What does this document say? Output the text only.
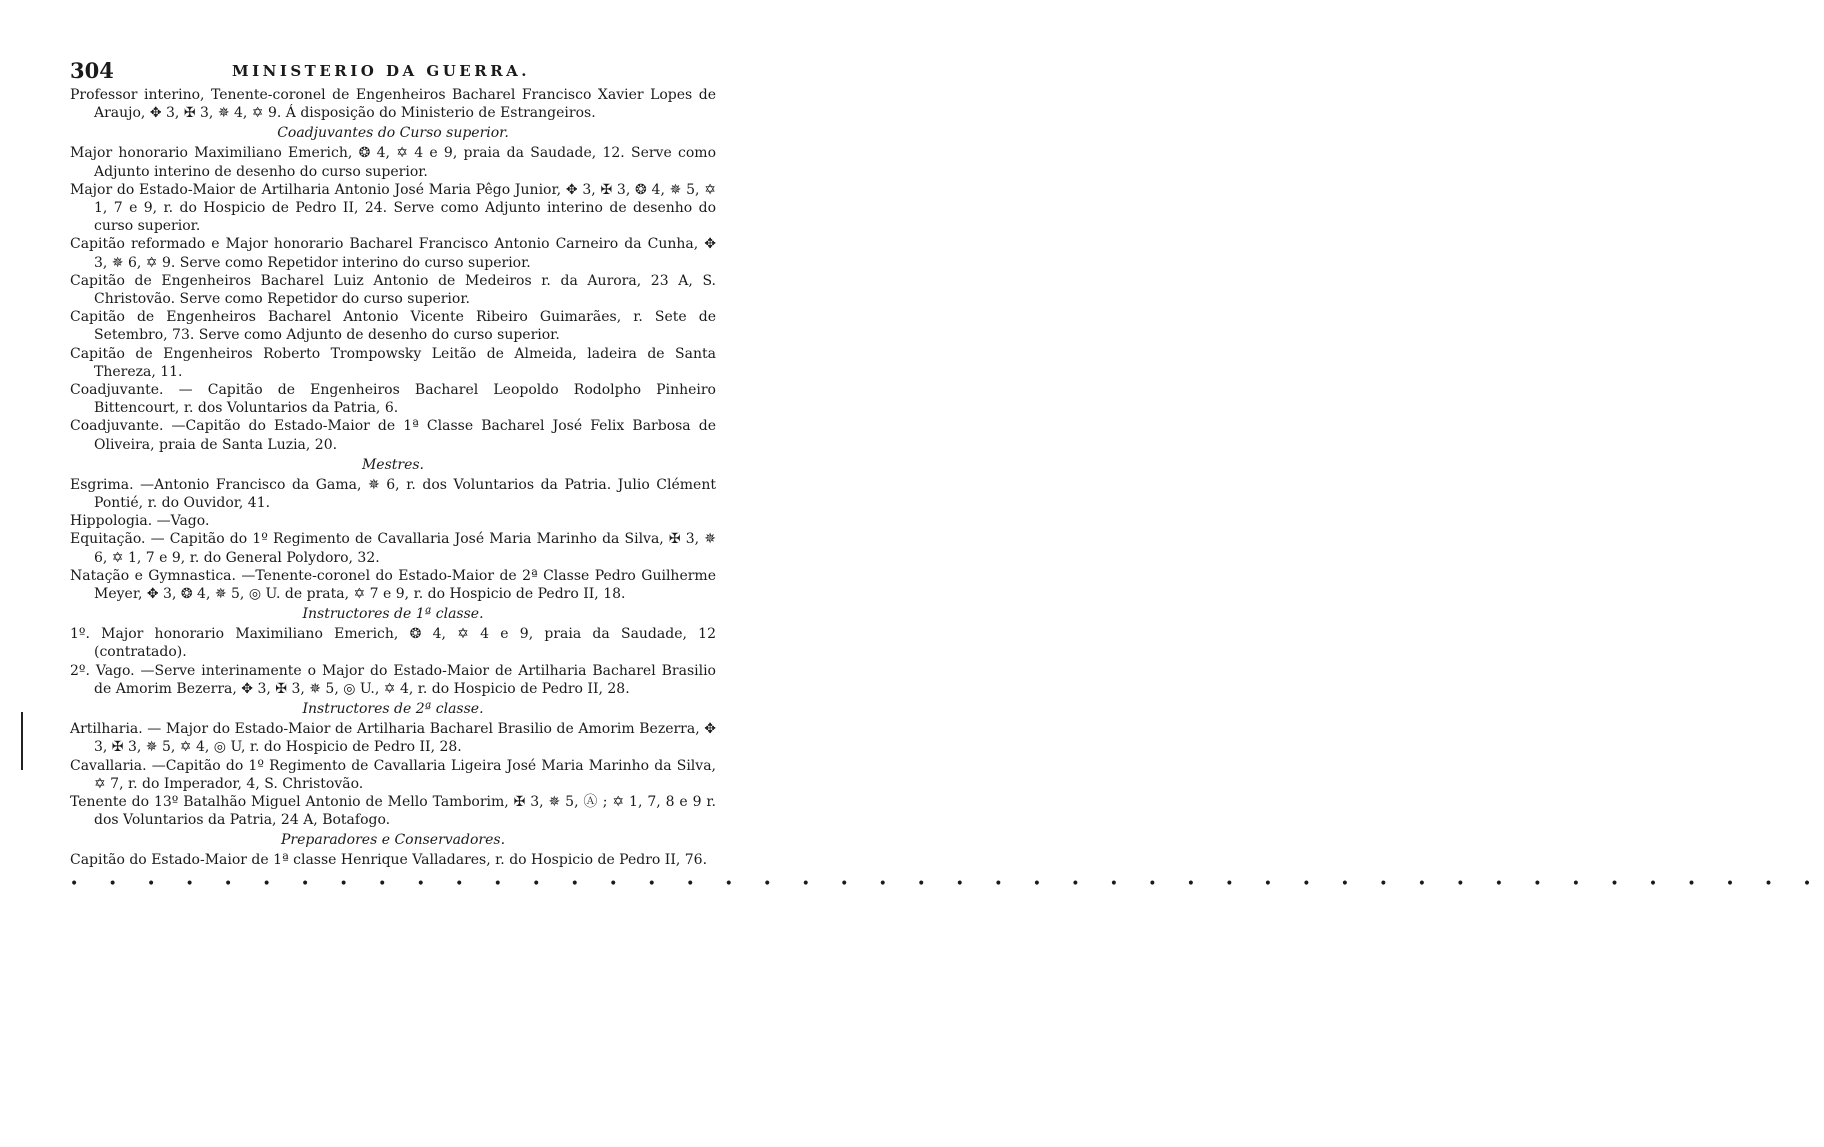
304	MINISTERIO DA GUERRA.

Professor interino, Tenente-coronel de Engenheiros Bacharel Francisco Xavier Lopes de Araujo, ✥ 3, ✠ 3, ✵ 4, ✡ 9. Á disposição do Ministerio de Estrangeiros.

Coadjuvantes do Curso superior.

Major honorario Maximiliano Emerich, ❂ 4, ✡ 4 e 9, praia da Saudade, 12. Serve como Adjunto interino de desenho do curso superior.

Major do Estado-Maior de Artilharia Antonio José Maria Pêgo Junior, ✥ 3, ✠ 3, ❂ 4, ✵ 5, ✡ 1, 7 e 9, r. do Hospicio de Pedro II, 24. Serve como Adjunto interino de desenho do curso superior.

Capitão reformado e Major honorario Bacharel Francisco Antonio Carneiro da Cunha, ✥ 3, ✵ 6, ✡ 9. Serve como Repetidor interino do curso superior.

Capitão de Engenheiros Bacharel Luiz Antonio de Medeiros r. da Aurora, 23 A, S. Christovão. Serve como Repetidor do curso superior.

Capitão de Engenheiros Bacharel Antonio Vicente Ribeiro Guimarães, r. Sete de Setembro, 73. Serve como Adjunto de desenho do curso superior.

Capitão de Engenheiros Roberto Trompowsky Leitão de Almeida, ladeira de Santa Thereza, 11.

Coadjuvante. — Capitão de Engenheiros Bacharel Leopoldo Rodolpho Pinheiro Bittencourt, r. dos Voluntarios da Patria, 6.

Coadjuvante. —Capitão do Estado-Maior de 1ª Classe Bacharel José Felix Barbosa de Oliveira, praia de Santa Luzia, 20.

Mestres.

Esgrima. —Antonio Francisco da Gama, ✵ 6, r. dos Voluntarios da Patria. Julio Clément Pontié, r. do Ouvidor, 41.

Hippologia. —Vago.

Equitação. — Capitão do 1º Regimento de Cavallaria José Maria Marinho da Silva, ✠ 3, ✵ 6, ✡ 1, 7 e 9, r. do General Polydoro, 32.

Natação e Gymnastica. —Tenente-coronel do Estado-Maior de 2ª Classe Pedro Guilherme Meyer, ✥ 3, ❂ 4, ✵ 5, ◎ U. de prata, ✡ 7 e 9, r. do Hospicio de Pedro II, 18.

Instructores de 1ª classe.

1º. Major honorario Maximiliano Emerich, ❂ 4, ✡ 4 e 9, praia da Saudade, 12 (contratado).

2º. Vago. —Serve interinamente o Major do Estado-Maior de Artilharia Bacharel Brasilio de Amorim Bezerra, ✥ 3, ✠ 3, ✵ 5, ◎ U., ✡ 4, r. do Hospicio de Pedro II, 28.

Instructores de 2ª classe.

Artilharia. — Major do Estado-Maior de Artilharia Bacharel Brasilio de Amorim Bezerra, ✥ 3, ✠ 3, ✵ 5, ✡ 4, ◎ U, r. do Hospicio de Pedro II, 28.

Cavallaria. —Capitão do 1º Regimento de Cavallaria Ligeira José Maria Marinho da Silva, ✡ 7, r. do Imperador, 4, S. Christovão.

Tenente do 13º Batalhão Miguel Antonio de Mello Tamborim, ✠ 3, ✵ 5, Ⓐ ; ✡ 1, 7, 8 e 9 r. dos Voluntarios da Patria, 24 A, Botafogo.

Preparadores e Conservadores.

Capitão do Estado-Maior de 1ª classe Henrique Valladares, r. do Hospicio de Pedro II, 76.

• • • • • • • • • • • • • • • • • • • • • • • • • • • • • • • • • • • • • • • • • • • • • •
